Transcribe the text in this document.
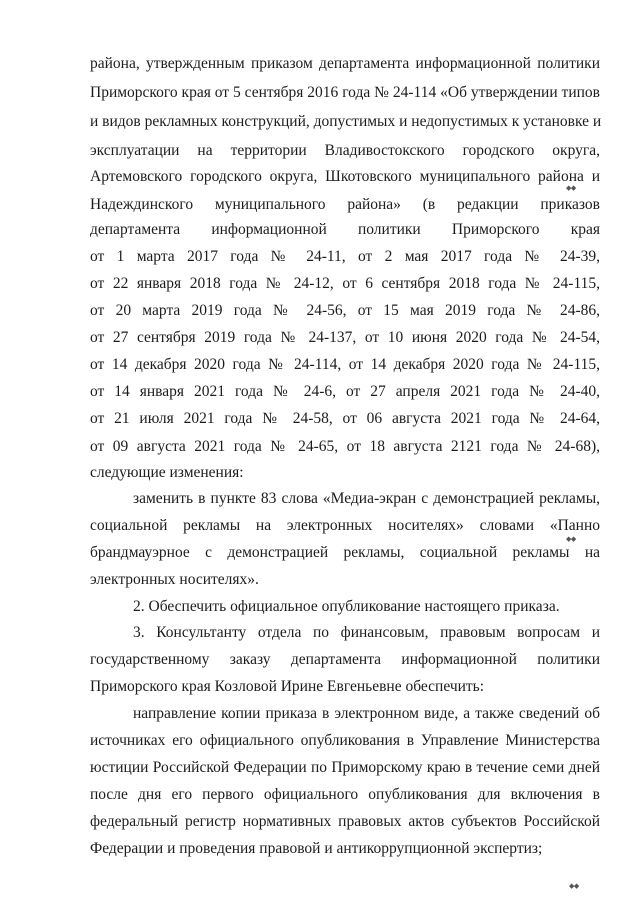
района, утвержденным приказом департамента информационной политики
Приморского края от 5 сентября 2016 года № 24-114 «Об утверждении типов
и видов рекламных конструкций, допустимых и недопустимых к установке и
эксплуатации на территории Владивостокского городского округа,
Артемовского городского округа, Шкотовского муниципального района и
Надеждинского муниципального района» (в редакции приказов
департамента информационной политики Приморского края
от 1 марта 2017 года № 24-11, от 2 мая 2017 года № 24-39,
от 22 января 2018 года № 24-12, от 6 сентября 2018 года № 24-115,
от 20 марта 2019 года № 24-56, от 15 мая 2019 года № 24-86,
от 27 сентября 2019 года № 24-137, от 10 июня 2020 года № 24-54,
от 14 декабря 2020 года № 24-114, от 14 декабря 2020 года № 24-115,
от 14 января 2021 года № 24-6, от 27 апреля 2021 года № 24-40,
от 21 июля 2021 года № 24-58, от 06 августа 2021 года № 24-64,
от 09 августа 2021 года № 24-65, от 18 августа 2121 года № 24-68),
следующие изменения:
заменить в пункте 83 слова «Медиа-экран с демонстрацией рекламы,
социальной рекламы на электронных носителях» словами «Панно
брандмауэрное с демонстрацией рекламы, социальной рекламы на
электронных носителях».
2. Обеспечить официальное опубликование настоящего приказа.
3. Консультанту отдела по финансовым, правовым вопросам и
государственному заказу департамента информационной политики
Приморского края Козловой Ирине Евгеньевне обеспечить:
направление копии приказа в электронном виде, а также сведений об
источниках его официального опубликования в Управление Министерства
юстиции Российской Федерации по Приморскому краю в течение семи дней
после дня его первого официального опубликования для включения в
федеральный регистр нормативных правовых актов субъектов Российской
Федерации и проведения правовой и антикоррупционной экспертиз;
◆◆
◆◆
◆◆
